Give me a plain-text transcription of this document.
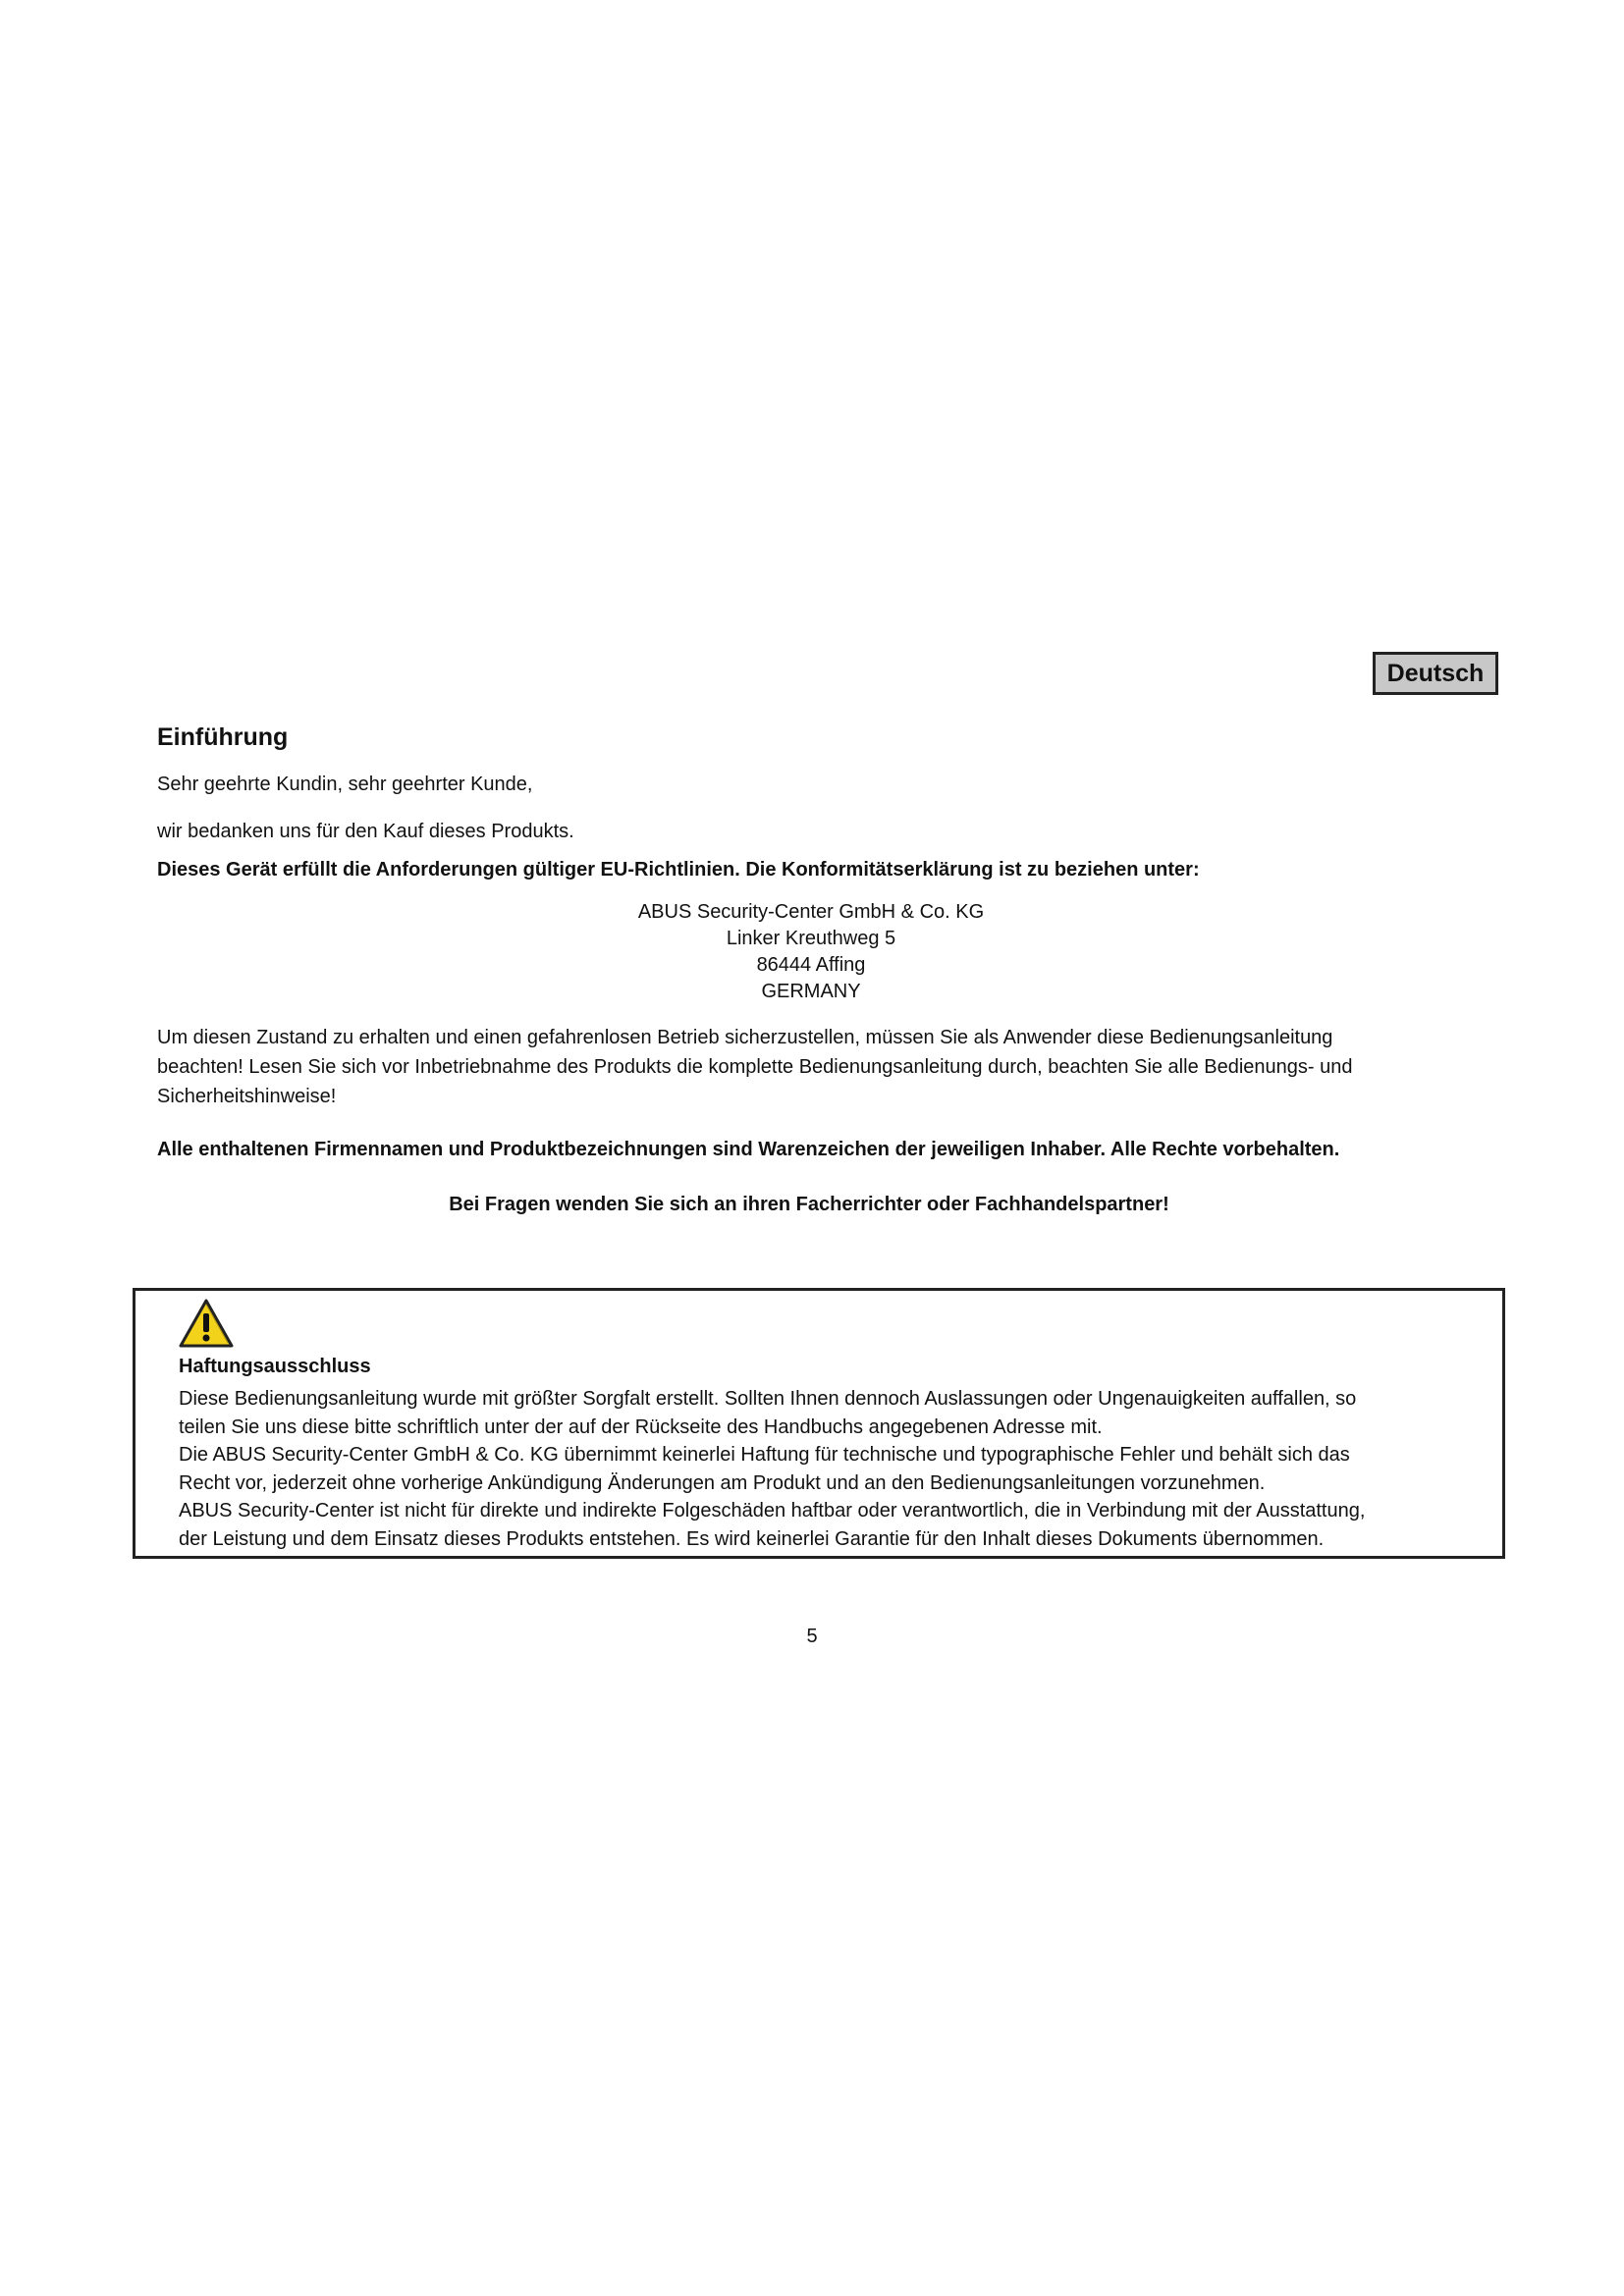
Deutsch
Einführung
Sehr geehrte Kundin, sehr geehrter Kunde,
wir bedanken uns für den Kauf dieses Produkts.
Dieses Gerät erfüllt die Anforderungen gültiger EU-Richtlinien. Die Konformitätserklärung ist zu beziehen unter:
ABUS Security-Center GmbH & Co. KG
Linker Kreuthweg 5
86444 Affing
GERMANY
Um diesen Zustand zu erhalten und einen gefahrenlosen Betrieb sicherzustellen, müssen Sie als Anwender diese Bedienungsanleitung
beachten! Lesen Sie sich vor Inbetriebnahme des Produkts die komplette Bedienungsanleitung durch, beachten Sie alle Bedienungs- und
Sicherheitshinweise!
Alle enthaltenen Firmennamen und Produktbezeichnungen sind Warenzeichen der jeweiligen Inhaber. Alle Rechte vorbehalten.
Bei Fragen wenden Sie sich an ihren Facherrichter oder Fachhandelspartner!
Haftungsausschluss
Diese Bedienungsanleitung wurde mit größter Sorgfalt erstellt. Sollten Ihnen dennoch Auslassungen oder Ungenauigkeiten auffallen, so
teilen Sie uns diese bitte schriftlich unter der auf der Rückseite des Handbuchs angegebenen Adresse mit.
Die ABUS Security-Center GmbH & Co. KG übernimmt keinerlei Haftung für technische und typographische Fehler und behält sich das
Recht vor, jederzeit ohne vorherige Ankündigung Änderungen am Produkt und an den Bedienungsanleitungen vorzunehmen.
ABUS Security-Center ist nicht für direkte und indirekte Folgeschäden haftbar oder verantwortlich, die in Verbindung mit der Ausstattung,
der Leistung und dem Einsatz dieses Produkts entstehen. Es wird keinerlei Garantie für den Inhalt dieses Dokuments übernommen.
5
